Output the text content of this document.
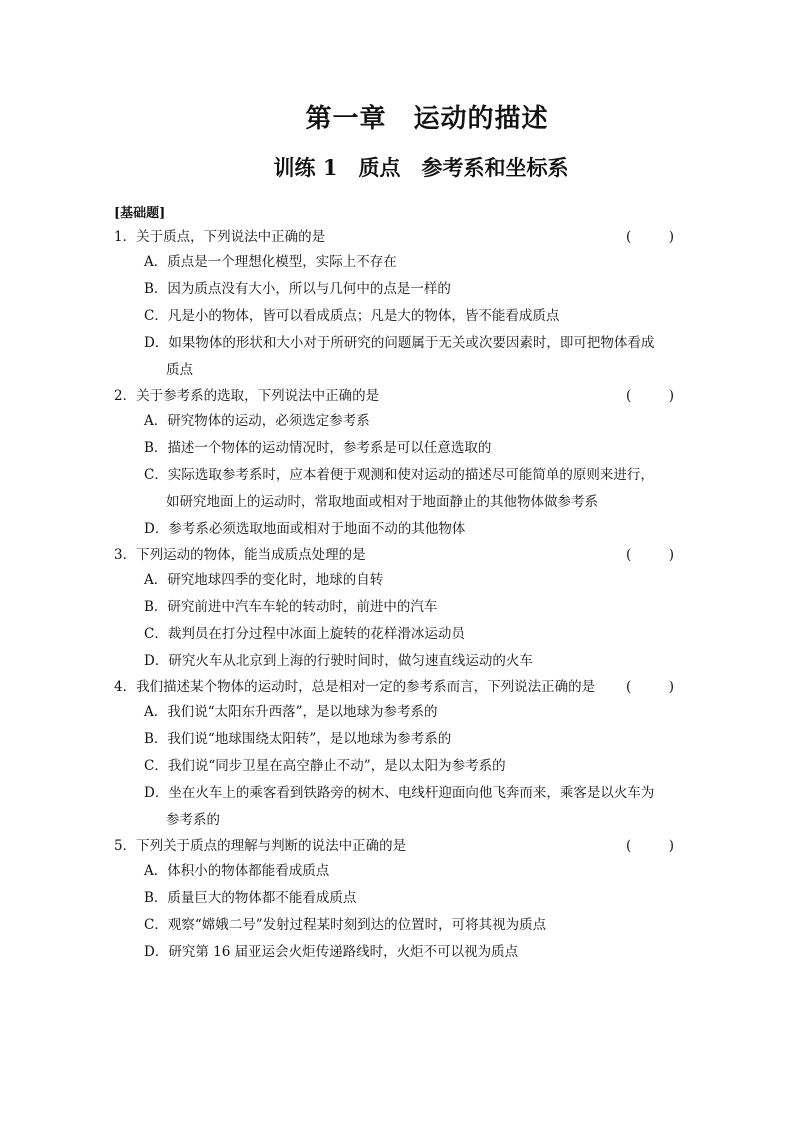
第一章　运动的描述
训练 1　质点　参考系和坐标系
[基础题]
1．关于质点，下列说法中正确的是	(	)
A．质点是一个理想化模型，实际上不存在
B．因为质点没有大小，所以与几何中的点是一样的
C．凡是小的物体，皆可以看成质点；凡是大的物体，皆不能看成质点
D．如果物体的形状和大小对于所研究的问题属于无关或次要因素时，即可把物体看成
质点
2．关于参考系的选取，下列说法中正确的是	(	)
A．研究物体的运动，必须选定参考系
B．描述一个物体的运动情况时，参考系是可以任意选取的
C．实际选取参考系时，应本着便于观测和使对运动的描述尽可能简单的原则来进行，
如研究地面上的运动时，常取地面或相对于地面静止的其他物体做参考系
D．参考系必须选取地面或相对于地面不动的其他物体
3．下列运动的物体，能当成质点处理的是	(	)
A．研究地球四季的变化时，地球的自转
B．研究前进中汽车车轮的转动时，前进中的汽车
C．裁判员在打分过程中冰面上旋转的花样滑冰运动员
D．研究火车从北京到上海的行驶时间时，做匀速直线运动的火车
4．我们描述某个物体的运动时，总是相对一定的参考系而言，下列说法正确的是 (	)
A．我们说“太阳东升西落”，是以地球为参考系的
B．我们说“地球围绕太阳转”，是以地球为参考系的
C．我们说“同步卫星在高空静止不动”，是以太阳为参考系的
D．坐在火车上的乘客看到铁路旁的树木、电线杆迎面向他飞奔而来，乘客是以火车为
参考系的
5．下列关于质点的理解与判断的说法中正确的是	(	)
A．体积小的物体都能看成质点
B．质量巨大的物体都不能看成质点
C．观察“嫦娥二号”发射过程某时刻到达的位置时，可将其视为质点
D．研究第 16 届亚运会火炬传递路线时，火炬不可以视为质点
